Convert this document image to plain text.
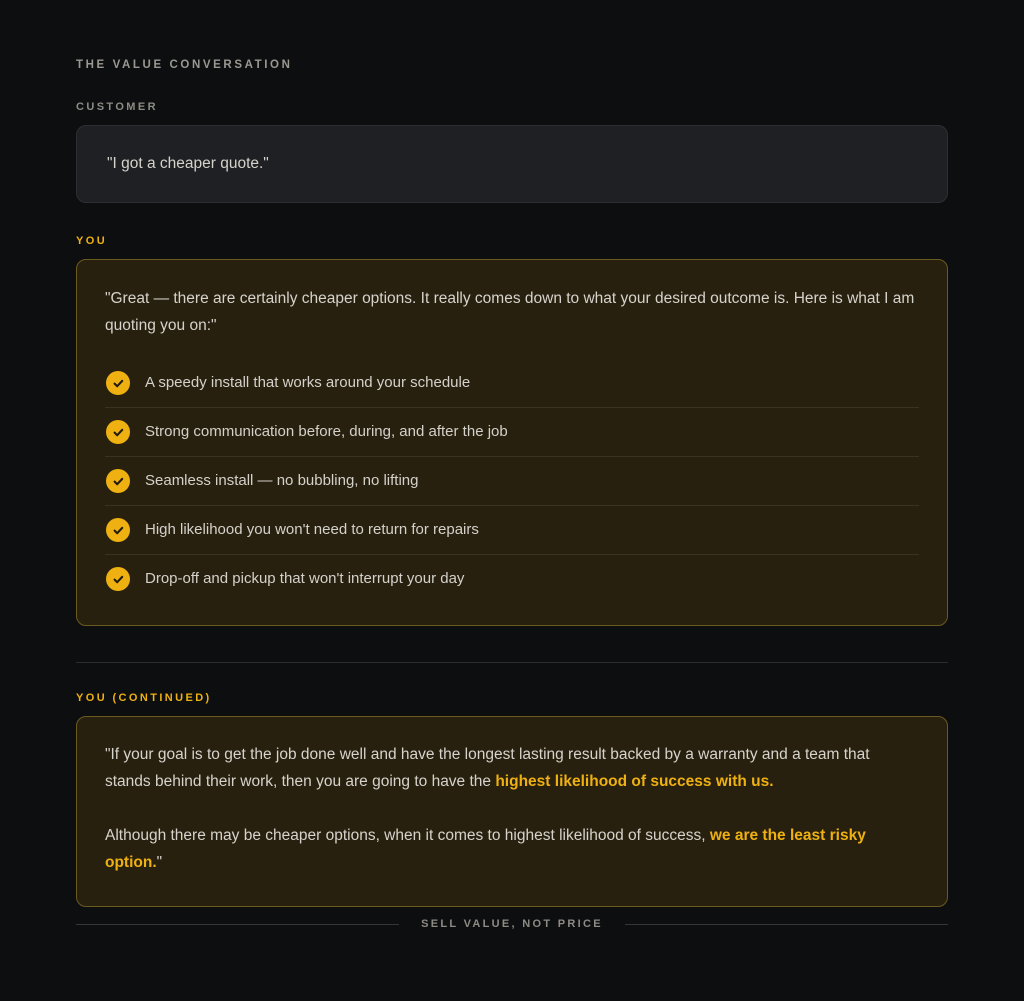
THE VALUE CONVERSATION
CUSTOMER
"I got a cheaper quote."
YOU
"Great — there are certainly cheaper options. It really comes down to what your desired outcome is. Here is what I am quoting you on:"
A speedy install that works around your schedule
Strong communication before, during, and after the job
Seamless install — no bubbling, no lifting
High likelihood you won't need to return for repairs
Drop-off and pickup that won't interrupt your day
YOU (CONTINUED)

"If your goal is to get the job done well and have the longest lasting result backed by a warranty and a team that stands behind their work, then you are going to have the highest likelihood of success with us.

Although there may be cheaper options, when it comes to highest likelihood of success, we are the least risky option."

SELL VALUE, NOT PRICE
